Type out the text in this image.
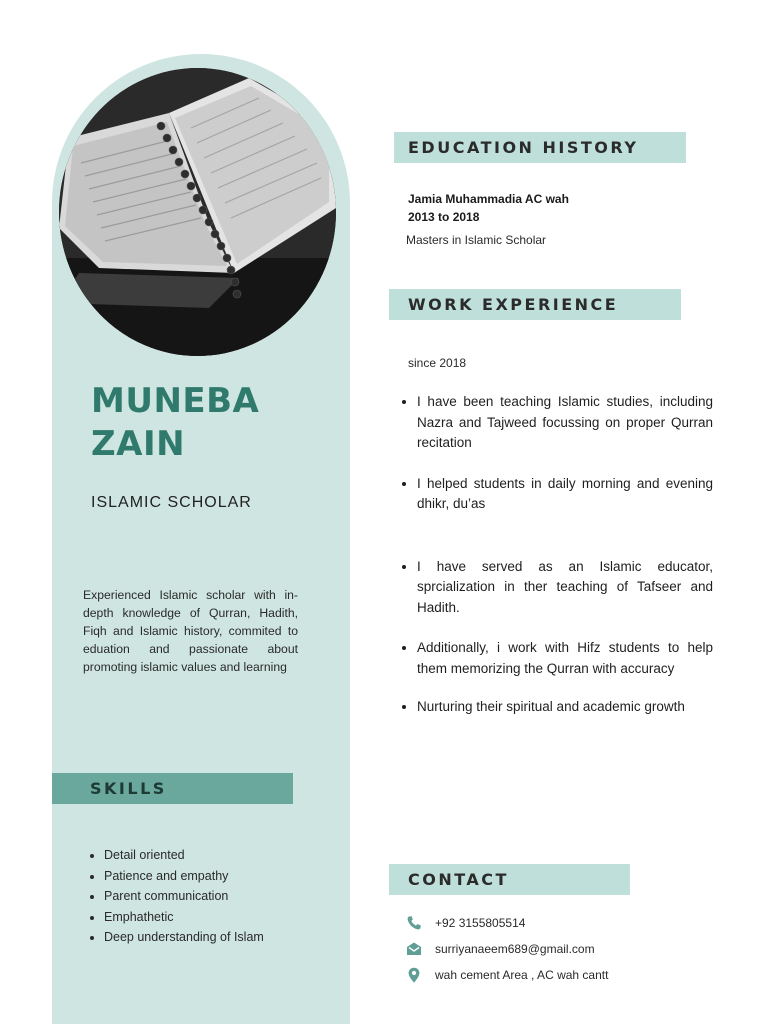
MUNEBA
ZAIN

ISLAMIC SCHOLAR

Experienced Islamic scholar with in-depth knowledge of Qurran, Hadith, Fiqh and Islamic history, commited to eduation and passionate about promoting islamic values and learning

SKILLS
• Detail oriented
• Patience and empathy
• Parent communication
• Emphathetic
• Deep understanding of Islam
EDUCATION HISTORY

Jamia Muhammadia AC wah
2013 to 2018

Masters in Islamic Scholar

WORK EXPERIENCE

since 2018

• I have been teaching Islamic studies, including Nazra and Tajweed focussing on proper Qurran recitation
• I helped students in daily morning and evening dhikr, du’as
• I have served as an Islamic educator, sprcialization in ther teaching of Tafseer and Hadith.
• Additionally, i work with Hifz students to help them memorizing the Qurran with accuracy
• Nurturing their spiritual and academic growth
CONTACT
+92 3155805514
surriyanaeem689@gmail.com
wah cement Area , AC wah cantt
